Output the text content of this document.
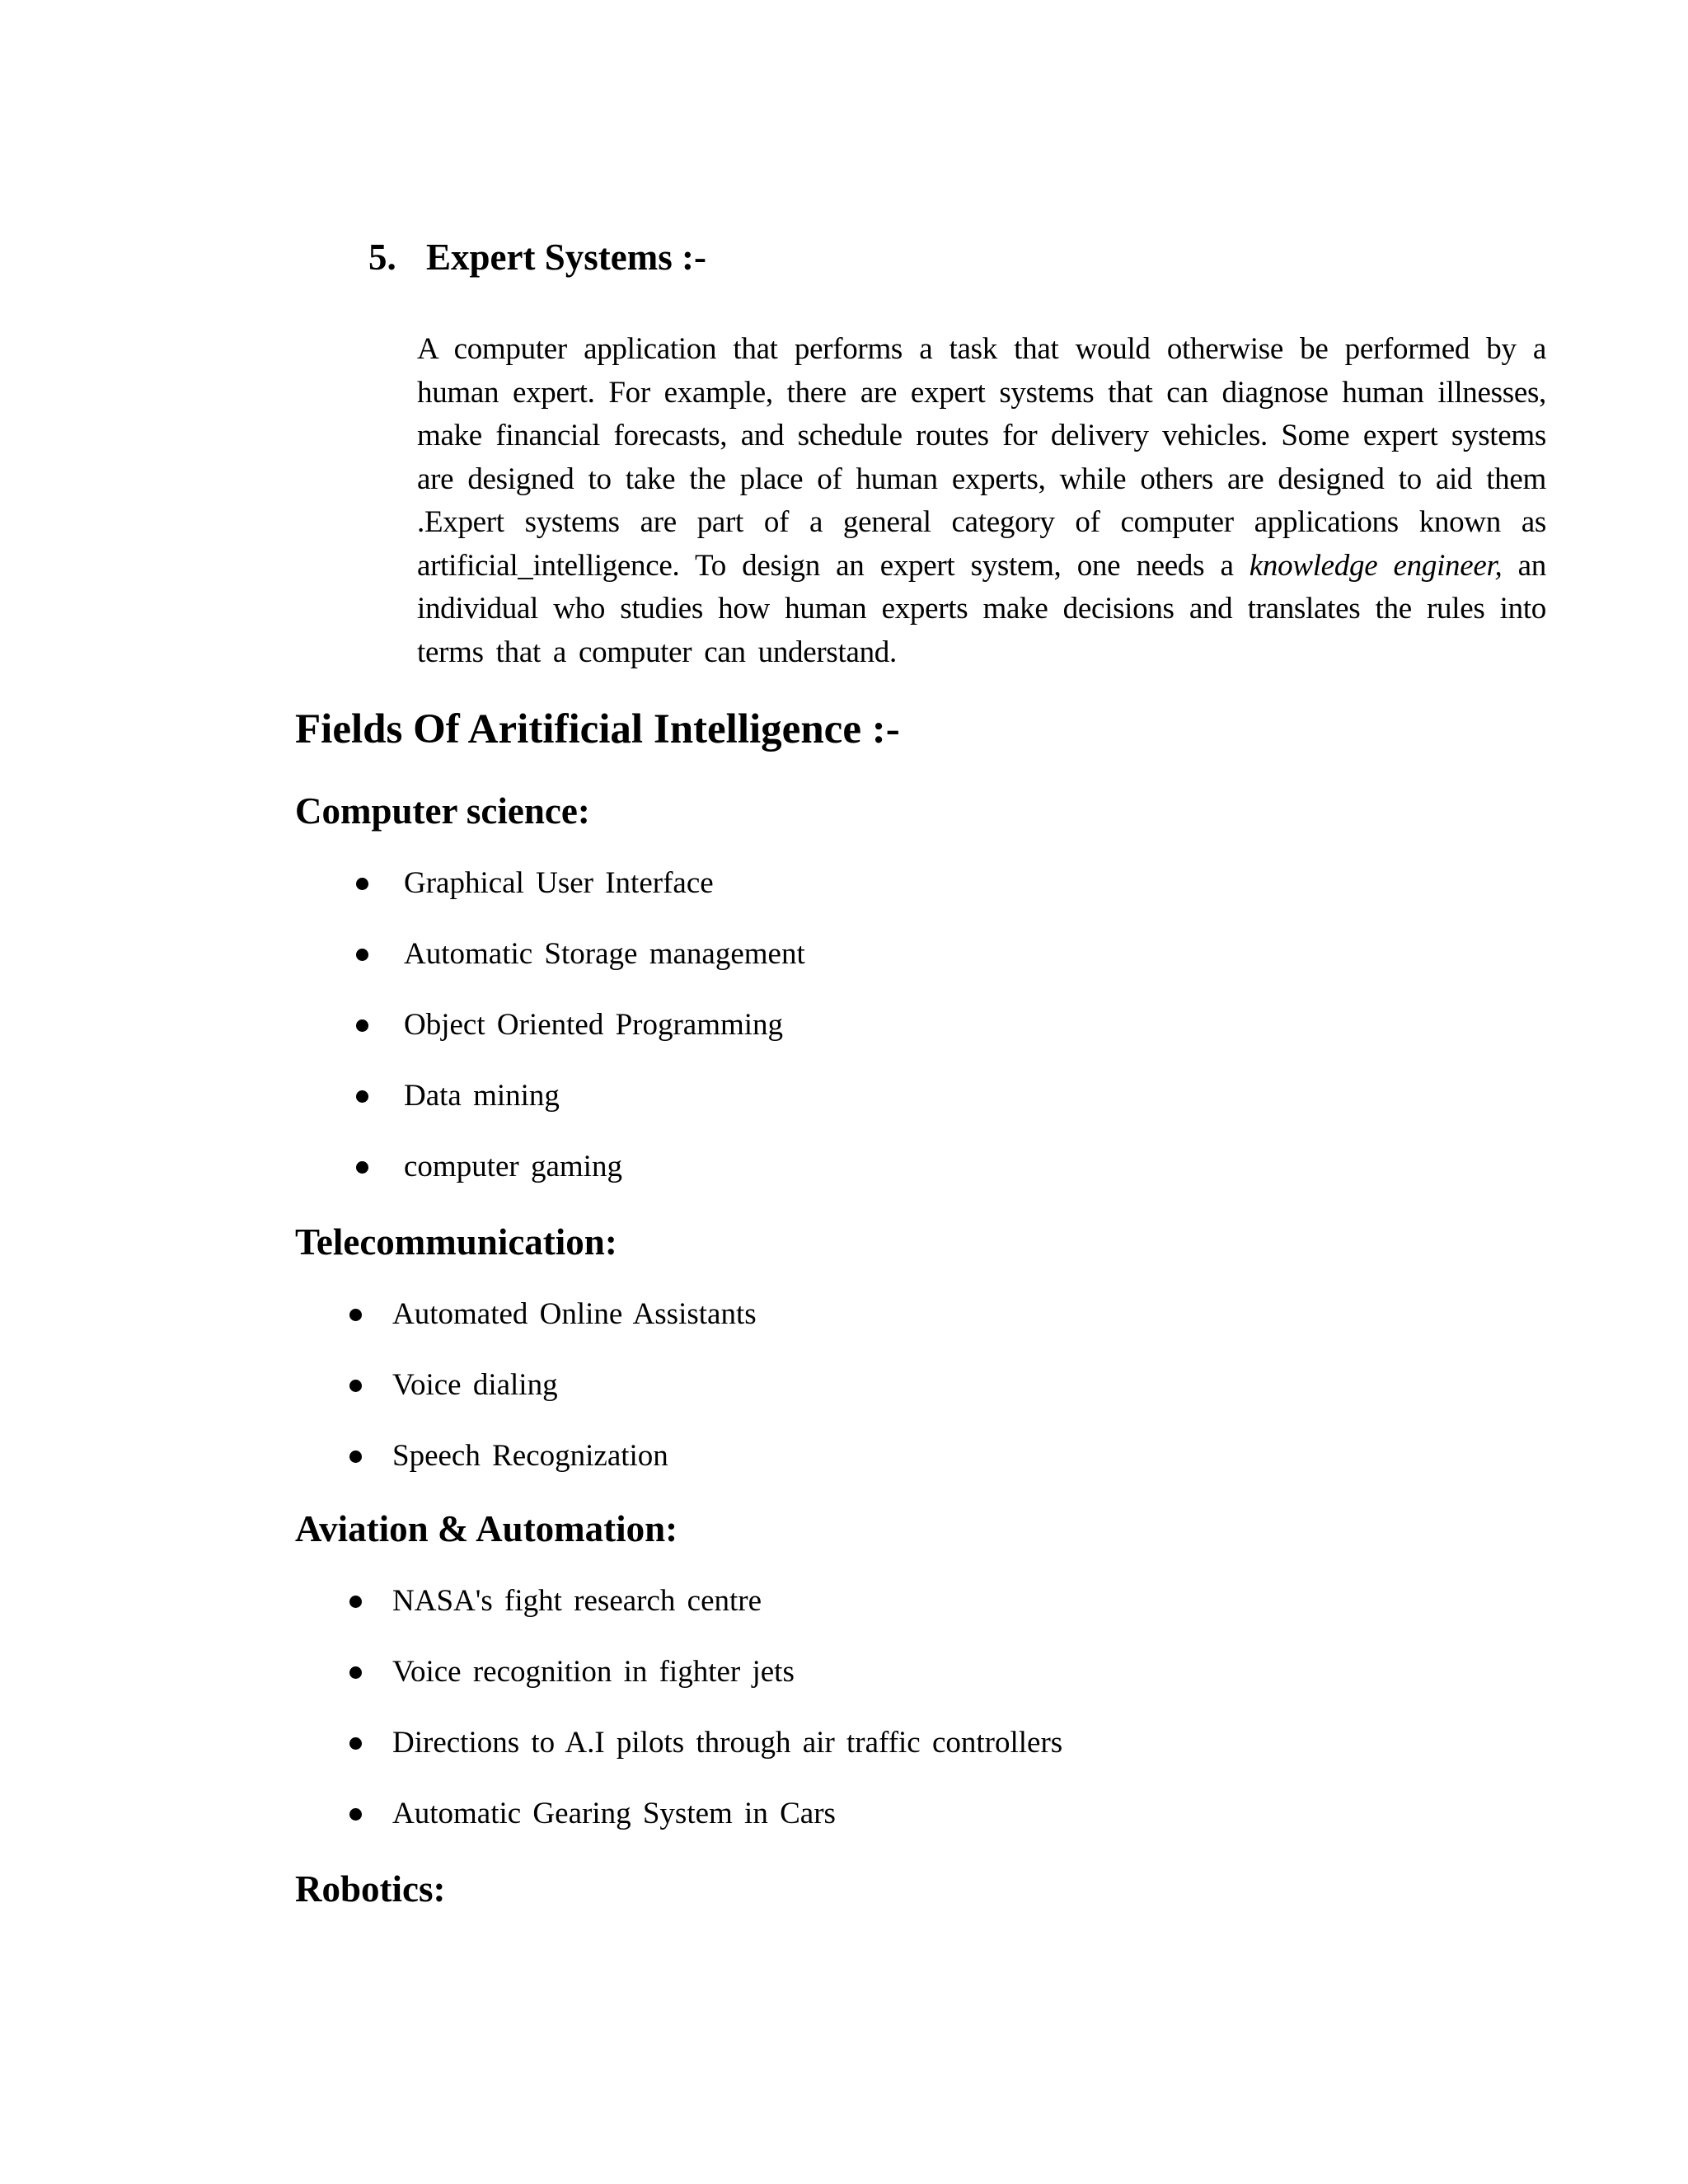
5. Expert Systems :-
A computer application that performs a task that would otherwise be performed by a human expert. For example, there are expert systems that can diagnose human illnesses, make financial forecasts, and schedule routes for delivery vehicles. Some expert systems are designed to take the place of human experts, while others are designed to aid them .Expert systems are part of a general category of computer applications known as artificial_intelligence. To design an expert system, one needs a knowledge engineer, an individual who studies how human experts make decisions and translates the rules into terms that a computer can understand.
Fields Of Aritificial Intelligence :-
Computer science:
Graphical User Interface
Automatic Storage management
Object Oriented Programming
Data mining
computer gaming
Telecommunication:
Automated Online Assistants
Voice dialing
Speech Recognization
Aviation & Automation:
NASA's fight research centre
Voice recognition in fighter jets
Directions to A.I pilots through air traffic controllers
Automatic Gearing System in Cars
Robotics:
